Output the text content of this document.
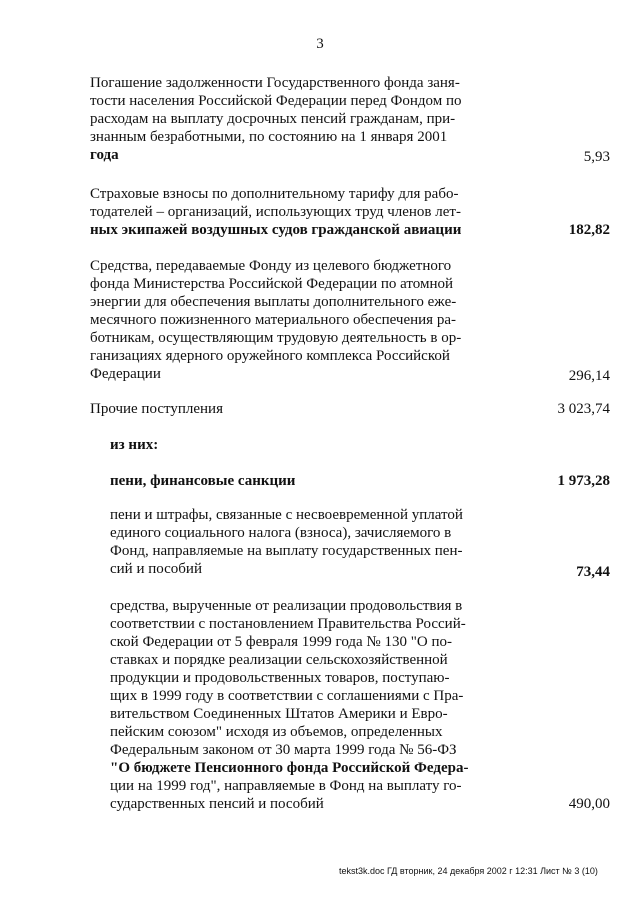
3
Погашение задолженности Государственного фонда заня-
тости населения Российской Федерации перед Фондом по
расходам на выплату досрочных пенсий гражданам, при-
знанным безработными, по состоянию на 1 января 2001
года	5,93
Страховые взносы по дополнительному тарифу для рабо-
тодателей – организаций, использующих труд членов лет-
ных экипажей воздушных судов гражданской авиации	182,82
Средства, передаваемые Фонду из целевого бюджетного
фонда Министерства Российской Федерации по атомной
энергии для обеспечения выплаты дополнительного ежe-
месячного пожизненного материального обеспечения ра-
ботникам, осуществляющим трудовую деятельность в ор-
ганизациях ядерного оружейного комплекса Российской
Федерации	296,14
Прочие поступления	3 023,74
из них:
пени, финансовые санкции	1 973,28
пени и штрафы, связанные с несвоевременной уплатой
единого социального налога (взноса), зачисляемого в
Фонд, направляемые на выплату государственных пен-
сий и пособий	73,44
средства, вырученные от реализации продовольствия в
соответствии с постановлением Правительства Россий-
ской Федерации от 5 февраля 1999 года № 130 "О по-
ставках и порядке реализации сельскохозяйственной
продукции и продовольственных товаров, поступаю-
щих в 1999 году в соответствии с соглашениями с Пра-
вительством Соединенных Штатов Америки и Евро-
пейским союзом" исходя из объемов, определенных
Федеральным законом от 30 марта 1999 года № 56-ФЗ
"О бюджете Пенсионного фонда Российской Федера-
ции на 1999 год", направляемые в Фонд на выплату го-
сударственных пенсий и пособий	490,00
tekst3k.doc ГД вторник, 24 декабря 2002 г 12:31 Лист № 3 (10)
